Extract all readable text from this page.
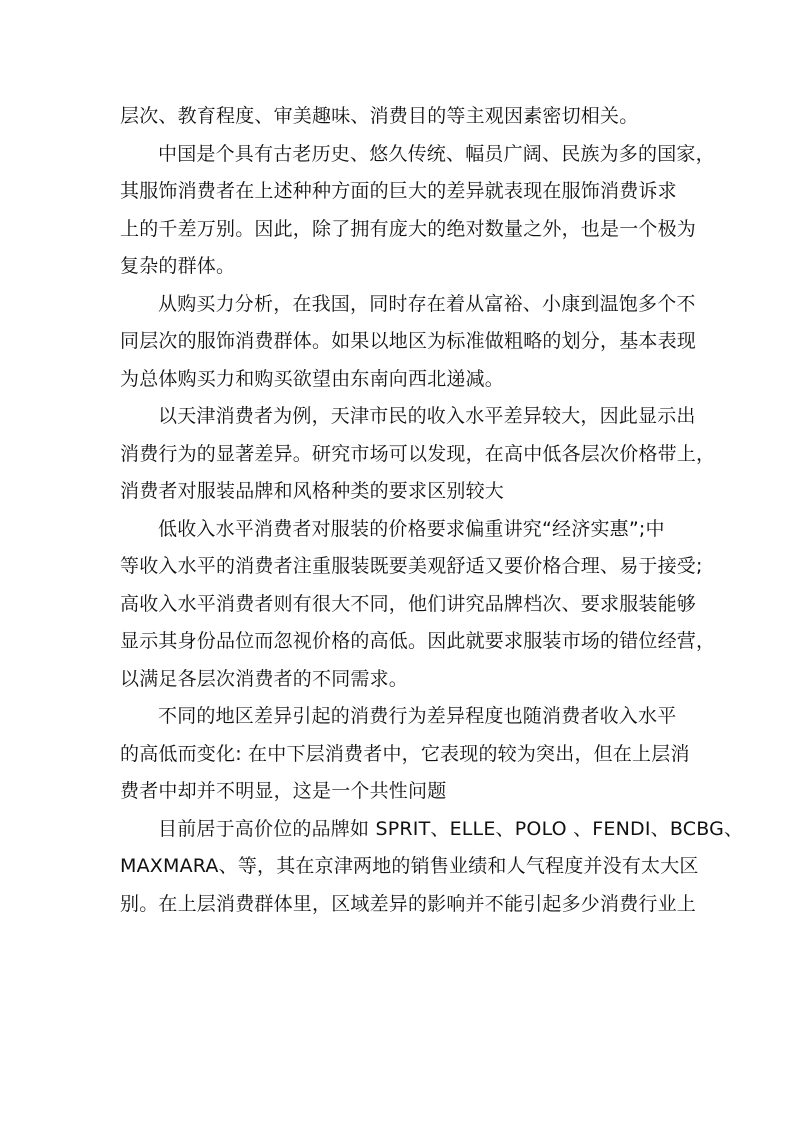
层次、教育程度、审美趣味、消费目的等主观因素密切相关。
中国是个具有古老历史、悠久传统、幅员广阔、民族为多的国家，
其服饰消费者在上述种种方面的巨大的差异就表现在服饰消费诉求
上的千差万别。因此，除了拥有庞大的绝对数量之外，也是一个极为
复杂的群体。
从购买力分析，在我国，同时存在着从富裕、小康到温饱多个不
同层次的服饰消费群体。如果以地区为标准做粗略的划分，基本表现
为总体购买力和购买欲望由东南向西北递减。
以天津消费者为例，天津市民的收入水平差异较大，因此显示出
消费行为的显著差异。研究市场可以发现，在高中低各层次价格带上，
消费者对服装品牌和风格种类的要求区别较大
低收入水平消费者对服装的价格要求偏重讲究“经济实惠”;中
等收入水平的消费者注重服装既要美观舒适又要价格合理、易于接受;
高收入水平消费者则有很大不同，他们讲究品牌档次、要求服装能够
显示其身份品位而忽视价格的高低。因此就要求服装市场的错位经营，
以满足各层次消费者的不同需求。
不同的地区差异引起的消费行为差异程度也随消费者收入水平
的高低而变化: 在中下层消费者中，它表现的较为突出，但在上层消
费者中却并不明显，这是一个共性问题
目前居于高价位的品牌如 SPRIT、ELLE、POLO 、FENDI、BCBG、
MAXMARA、等，其在京津两地的销售业绩和人气程度并没有太大区
别。在上层消费群体里，区域差异的影响并不能引起多少消费行业上
